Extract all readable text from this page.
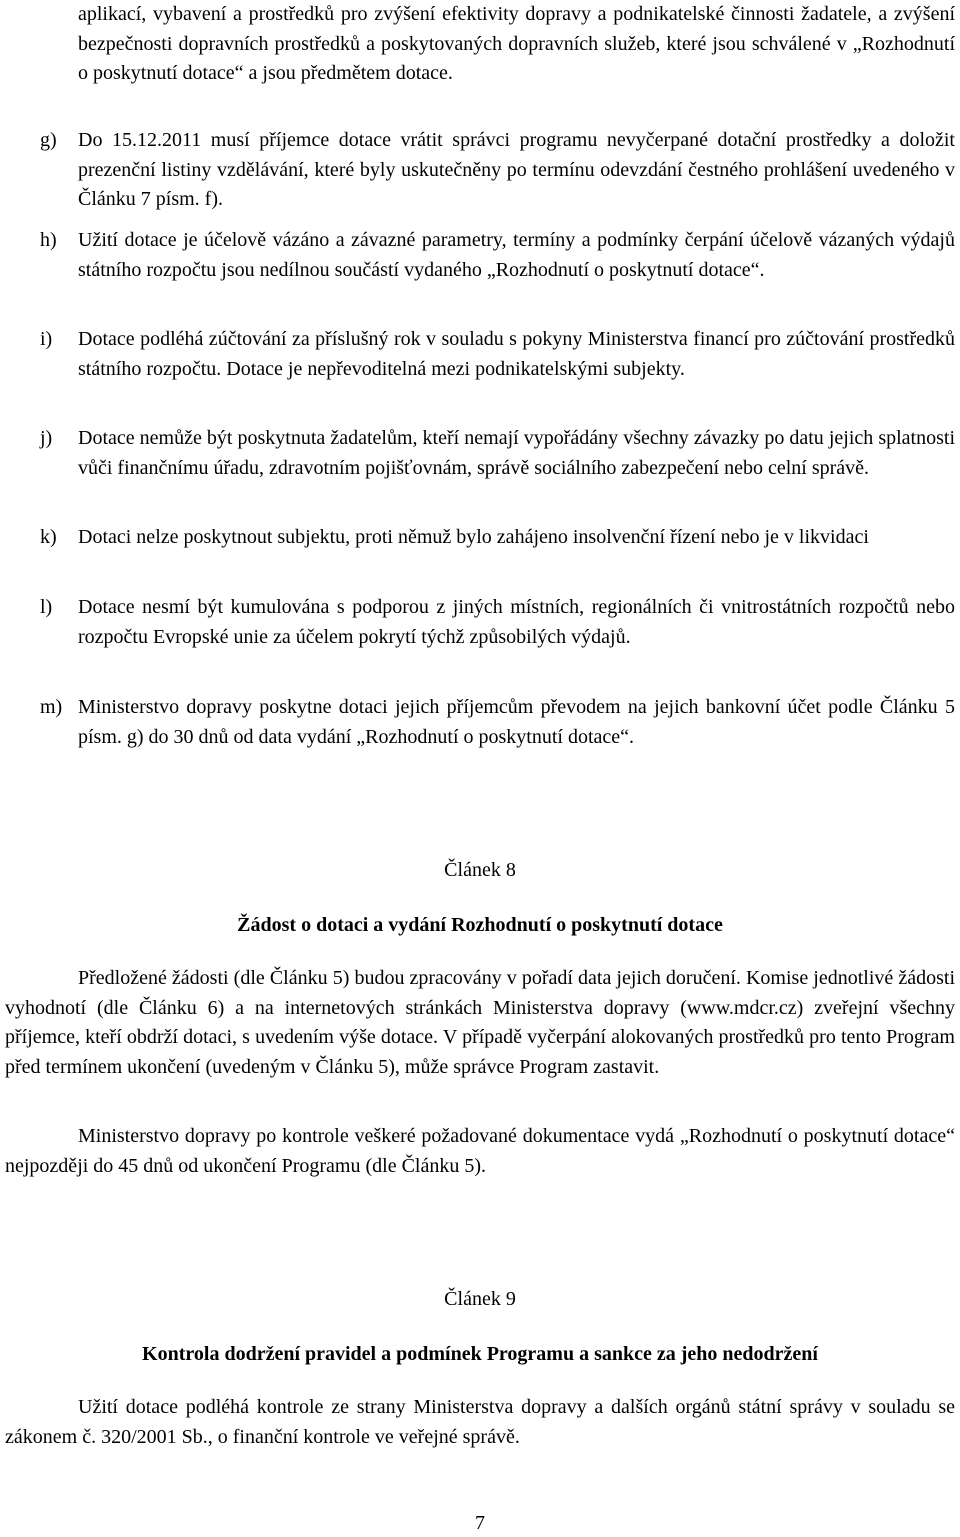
aplikací, vybavení a prostředků pro zvýšení efektivity dopravy a podnikatelské činnosti žadatele, a zvýšení bezpečnosti dopravních prostředků a poskytovaných dopravních služeb, které jsou schválené v „Rozhodnutí o poskytnutí dotace“ a jsou předmětem dotace.
g) Do 15.12.2011 musí příjemce dotace vrátit správci programu nevyčerpané dotační prostředky a doložit prezenční listiny vzdělávání, které byly uskutečněny po termínu odevzdání čestného prohlášení uvedeného v Článku 7 písm. f).
h) Užití dotace je účelově vázáno a závazné parametry, termíny a podmínky čerpání účelově vázaných výdajů státního rozpočtu jsou nedílnou součástí vydaného „Rozhodnutí o poskytnutí dotace“.
i) Dotace podléhá zúčtování za příslušný rok v souladu s pokyny Ministerstva financí pro zúčtování prostředků státního rozpočtu. Dotace je nepřevoditelná mezi podnikatelskými subjekty.
j) Dotace nemůže být poskytnuta žadatelům, kteří nemají vypořádány všechny závazky po datu jejich splatnosti vůči finančnímu úřadu, zdravotním pojišťovnám, správě sociálního zabezpečení nebo celní správě.
k) Dotaci nelze poskytnout subjektu, proti němuž bylo zahájeno insolvenční řízení nebo je v likvidaci
l) Dotace nesmí být kumulována s podporou z jiných místních, regionálních či vnitrostátních rozpočtů nebo rozpočtu Evropské unie za účelem pokrytí týchž způsobilých výdajů.
m) Ministerstvo dopravy poskytne dotaci jejich příjemcům převodem na jejich bankovní účet podle Článku 5 písm. g) do 30 dnů od data vydání „Rozhodnutí o poskytnutí dotace“.
Článek 8
Žádost o dotaci a vydání Rozhodnutí o poskytnutí dotace
Předložené žádosti (dle Článku 5) budou zpracovány v pořadí data jejich doručení. Komise jednotlivé žádosti vyhodnotí (dle Článku 6) a na internetových stránkách Ministerstva dopravy (www.mdcr.cz) zveřejní všechny příjemce, kteří obdrží dotaci, s uvedením výše dotace. V případě vyčerpání alokovaných prostředků pro tento Program před termínem ukončení (uvedeným v Článku 5), může správce Program zastavit.
Ministerstvo dopravy po kontrole veškeré požadované dokumentace vydá „Rozhodnutí o poskytnutí dotace“ nejpozději do 45 dnů od ukončení Programu (dle Článku 5).
Článek 9
Kontrola dodržení pravidel a podmínek Programu a sankce za jeho nedodržení
Užití dotace podléhá kontrole ze strany Ministerstva dopravy a dalších orgánů státní správy v souladu se zákonem č. 320/2001 Sb., o finanční kontrole ve veřejné správě.
7
